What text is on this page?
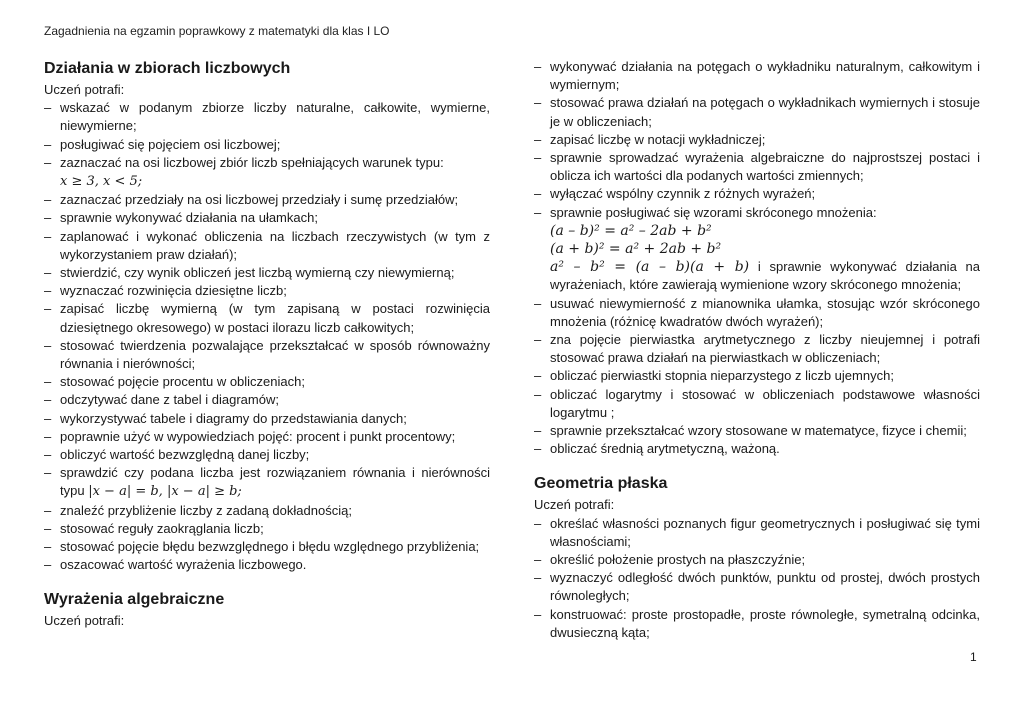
Zagadnienia na egzamin poprawkowy z matematyki dla klas I LO
Działania w zbiorach liczbowych

Uczeń potrafi:

– wskazać w podanym zbiorze liczby naturalne, całkowite, wymierne, niewymierne;
– posługiwać się pojęciem osi liczbowej;
– zaznaczać na osi liczbowej zbiór liczb spełniających warunek typu:
x ≥ 3, x < 5;
– zaznaczać przedziały na osi liczbowej przedziały i sumę przedziałów;
– sprawnie wykonywać działania na ułamkach;
– zaplanować i wykonać obliczenia na liczbach rzeczywistych (w tym z wykorzystaniem praw działań);
– stwierdzić, czy wynik obliczeń jest liczbą wymierną czy niewymierną;
– wyznaczać rozwinięcia dziesiętne liczb;
– zapisać liczbę wymierną (w tym zapisaną w postaci rozwinięcia dziesiętnego okresowego) w postaci ilorazu liczb całkowitych;
– stosować twierdzenia pozwalające przekształcać w sposób równoważny równania i nierówności;
– stosować pojęcie procentu w obliczeniach;
– odczytywać dane z tabel i diagramów;
– wykorzystywać tabele i diagramy do przedstawiania danych;
– poprawnie użyć w wypowiedziach pojęć: procent i punkt procentowy;
– obliczyć wartość bezwzględną danej liczby;
– sprawdzić czy podana liczba jest rozwiązaniem równania i nierówności typu |x − a| = b, |x − a| ≥ b;
– znaleźć przybliżenie liczby z zadaną dokładnością;
– stosować reguły zaokrąglania liczb;
– stosować pojęcie błędu bezwzględnego i błędu względnego przybliżenia;
– oszacować wartość wyrażenia liczbowego.
Wyrażenia algebraiczne

Uczeń potrafi:

– wykonywać działania na potęgach o wykładniku naturalnym, całkowitym i wymiernym;
– stosować prawa działań na potęgach o wykładnikach wymiernych i stosuje je w obliczeniach;
– zapisać liczbę w notacji wykładniczej;
– sprawnie sprowadzać wyrażenia algebraiczne do najprostszej postaci i oblicza ich wartości dla podanych wartości zmiennych;
– wyłączać wspólny czynnik z różnych wyrażeń;
– sprawnie posługiwać się wzorami skróconego mnożenia:
(a – b)² = a² – 2ab + b²
(a + b)² = a² + 2ab + b²
a² – b² = (a – b)(a + b) i sprawnie wykonywać działania na wyrażeniach, które zawierają wymienione wzory skróconego mnożenia;
– usuwać niewymierność z mianownika ułamka, stosując wzór skróconego mnożenia (różnicę kwadratów dwóch wyrażeń);
– zna pojęcie pierwiastka arytmetycznego z liczby nieujemnej i potrafi stosować prawa działań na pierwiastkach w obliczeniach;
– obliczać pierwiastki stopnia nieparzystego z liczb ujemnych;
– obliczać logarytmy i stosować w obliczeniach podstawowe własności logarytmu ;
– sprawnie przekształcać wzory stosowane w matematyce, fizyce i chemii;
– obliczać średnią arytmetyczną, ważoną.
Geometria płaska

Uczeń potrafi:

– określać własności poznanych figur geometrycznych i posługiwać się tymi własnościami;
– określić położenie prostych na płaszczyźnie;
– wyznaczyć odległość dwóch punktów, punktu od prostej, dwóch prostych równoległych;
– konstruować: proste prostopadłe, proste równoległe, symetralną odcinka, dwusieczną kąta;
1
